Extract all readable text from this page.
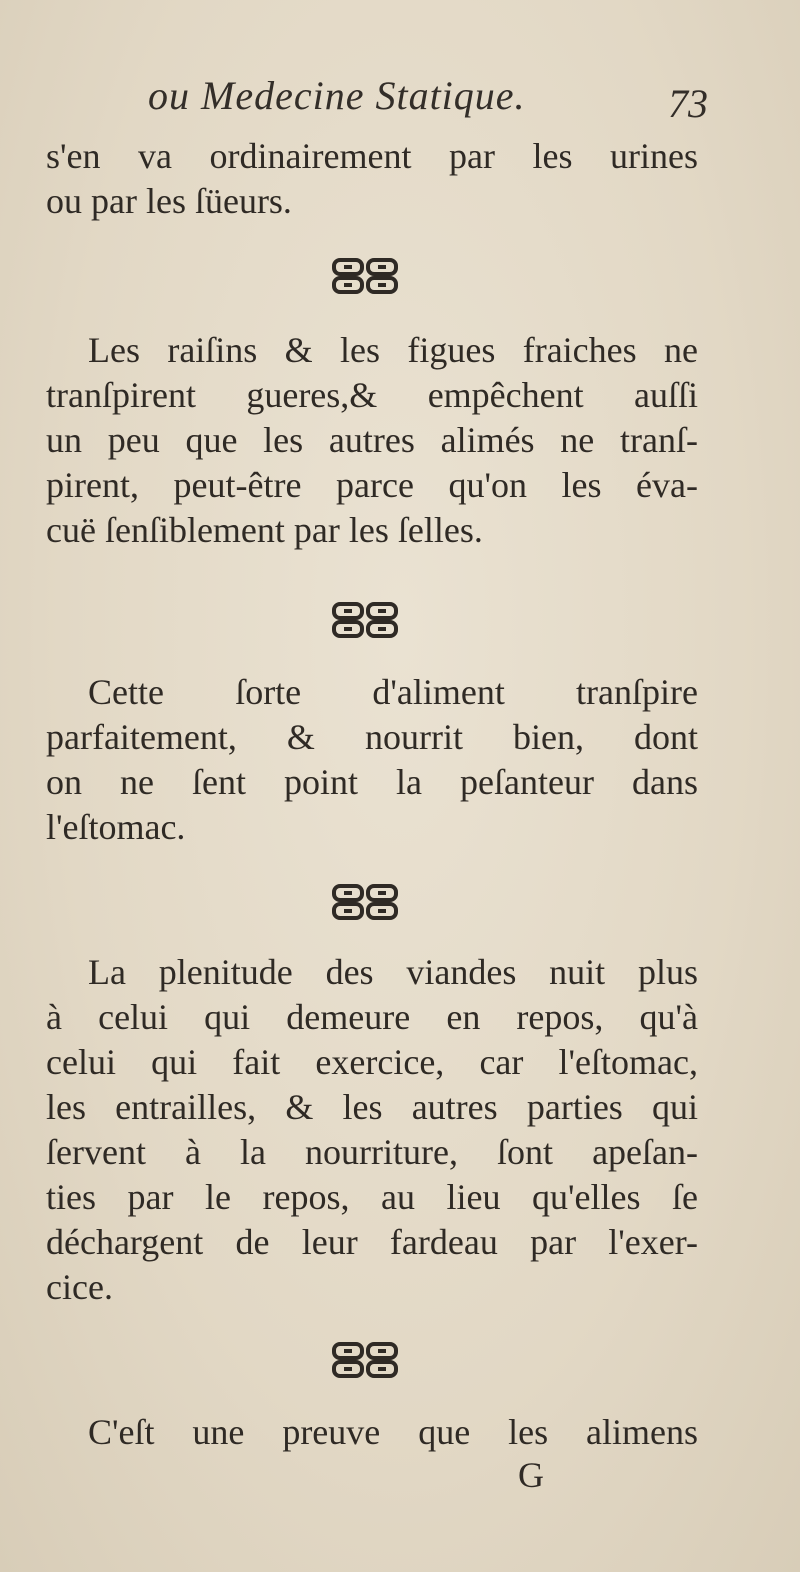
ou Medecine Statique.	73
s'en va ordinairement par les urines
ou par les ſüeurs.
Les raiſins & les figues fraiches ne
tranſpirent gueres,& empêchent auſſi
un peu que les autres alimés ne tranſ-
pirent, peut-être parce qu'on les éva-
cuë ſenſiblement par les ſelles.
Cette ſorte d'aliment tranſpire
parfaitement, & nourrit bien, dont
on ne ſent point la peſanteur dans
l'eſtomac.
La plenitude des viandes nuit plus
à celui qui demeure en repos, qu'à
celui qui fait exercice, car l'eſtomac,
les entrailles, & les autres parties qui
ſervent à la nourriture, ſont apeſan-
ties par le repos, au lieu qu'elles ſe
déchargent de leur fardeau par l'exer-
cice.
C'eſt une preuve que les alimens
G
